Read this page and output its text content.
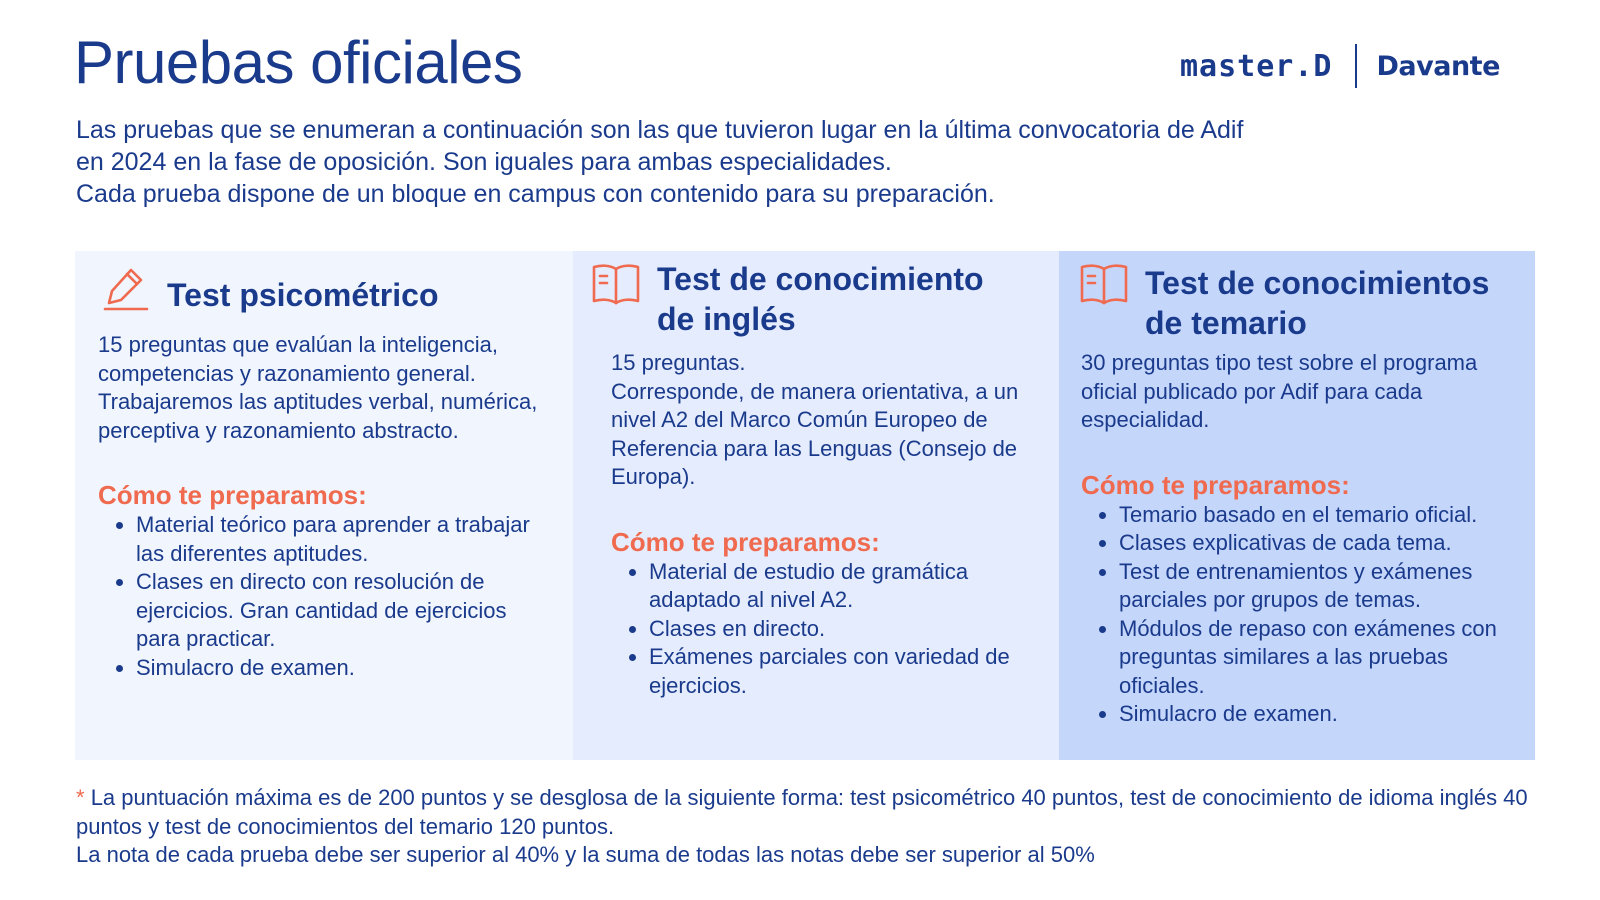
Pruebas oficiales	master.D Davante

Las pruebas que se enumeran a continuación son las que tuvieron lugar en la última convocatoria de Adif

en 2024 en la fase de oposición. Son iguales para ambas especialidades.

Cada prueba dispone de un bloque en campus con contenido para su preparación.

Test psicométrico

15 preguntas que evalúan la inteligencia, competencias y razonamiento general. Trabajaremos las aptitudes verbal, numérica, perceptiva y razonamiento abstracto.

Cómo te preparamos:

• Material teórico para aprender a trabajar las diferentes aptitudes.
• Clases en directo con resolución de ejercicios. Gran cantidad de ejercicios para practicar.
• Simulacro de examen.
Test de conocimiento
de inglés

15 preguntas.

Corresponde, de manera orientativa, a un nivel A2 del Marco Común Europeo de Referencia para las Lenguas (Consejo de Europa).

Cómo te preparamos:

• Material de estudio de gramática adaptado al nivel A2.
• Clases en directo.
• Exámenes parciales con variedad de ejercicios.
Test de conocimientos
de temario

30 preguntas tipo test sobre el programa oficial publicado por Adif para cada especialidad.

Cómo te preparamos:

• Temario basado en el temario oficial.
• Clases explicativas de cada tema.
• Test de entrenamientos y exámenes parciales por grupos de temas.
• Módulos de repaso con exámenes con preguntas similares a las pruebas oficiales.
• Simulacro de examen.

* La puntuación máxima es de 200 puntos y se desglosa de la siguiente forma: test psicométrico 40 puntos, test de conocimiento de idioma inglés 40 puntos y test de conocimientos del temario 120 puntos.

La nota de cada prueba debe ser superior al 40% y la suma de todas las notas debe ser superior al 50%
